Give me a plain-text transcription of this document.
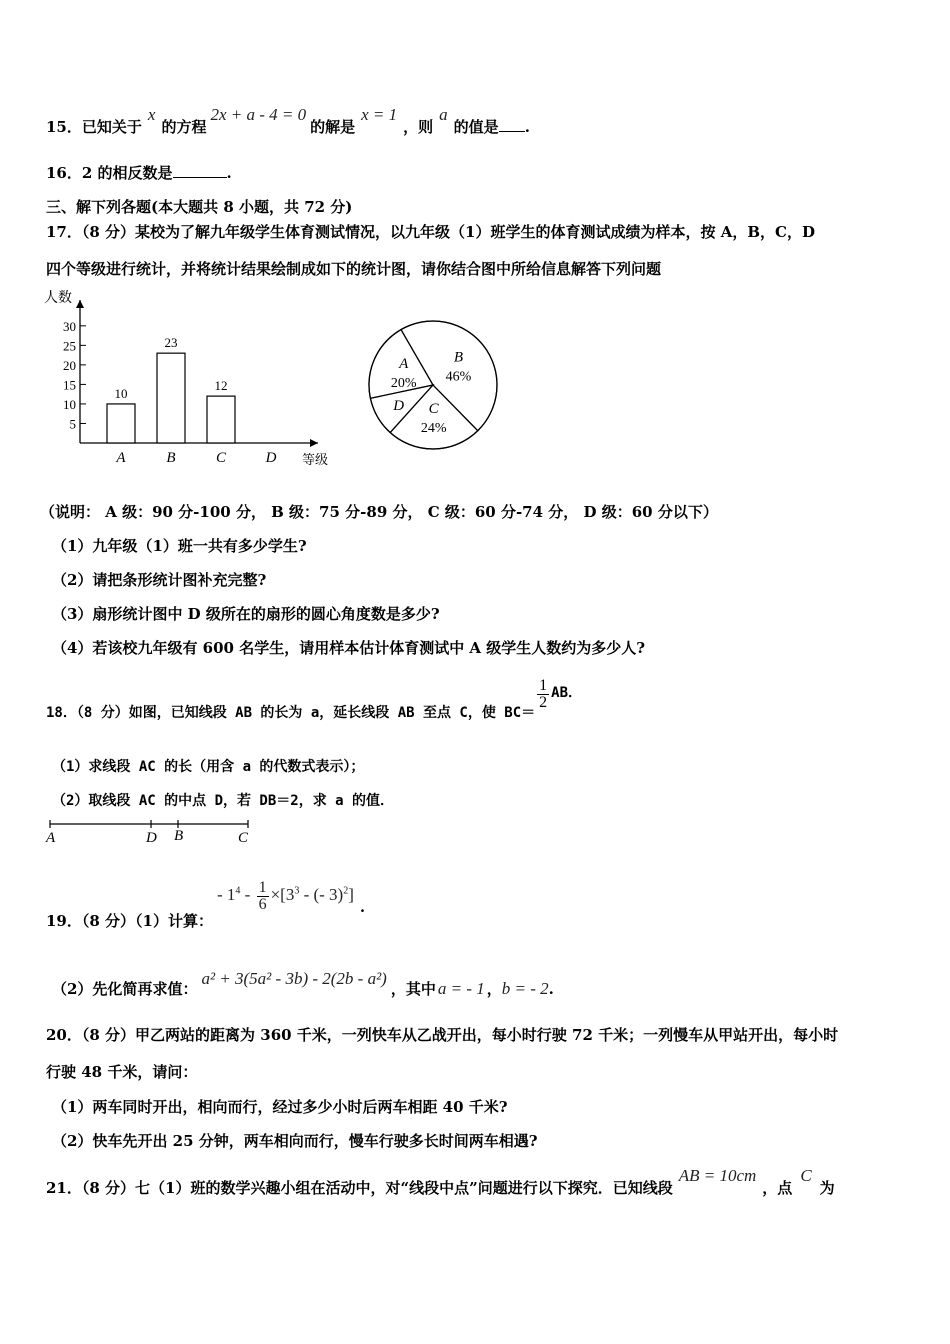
15．已知关于x的方程2x + a - 4 = 0的解是x = 1，则a的值是 .
16．2 的相反数是	.
三、解下列各题(本大题共 8 小题，共 72 分)
17．（8 分）某校为了解九年级学生体育测试情况，以九年级（1）班学生的体育测试成绩为样本，按 A，B，C，D
四个等级进行统计，并将统计结果绘制成如下的统计图，请你结合图中所给信息解答下列问题
5
10
15
20
25
30
人数
等级
10
A
23
B
12
C	D
B
46%
C
24%
D
A
20%
（说明： A 级：90 分-100 分， B 级：75 分-89 分， C 级：60 分-74 分， D 级：60 分以下）
（1）九年级（1）班一共有多少学生?
（2）请把条形统计图补充完整?
（3）扇形统计图中 D 级所在的扇形的圆心角度数是多少?
（4）若该校九年级有 600 名学生，请用样本估计体育测试中 A 级学生人数约为多少人?
18．（8 分）如图，已知线段 AB 的长为 a，延长线段 AB 至点 C，使 BC＝
$\frac{1}{2}$ AB．
（1）求线段 AC 的长（用含 a 的代数式表示）；
（2）取线段 AC 的中点 D，若 DB＝2，求 a 的值．
A	D B	C
19．（8 分）（1）计算：- $1^4 - \frac{1}{6} \times[3^3$ - (- 3)$^2$].
（2）先化简再求值：a² + 3(5a² - 3b) - 2(2b - a²)，其中 a = - 1 ，b = - 2.
20．（8 分）甲乙两站的距离为 360 千米，一列快车从乙战开出，每小时行驶 72 千米；一列慢车从甲站开出，每小时
行驶 48 千米，请问：
（1）两车同时开出，相向而行，经过多少小时后两车相距 40 千米?
（2）快车先开出 25 分钟，两车相向而行，慢车行驶多长时间两车相遇?
21．（8 分）七（1）班的数学兴趣小组在活动中，对“线段中点”问题进行以下探究．已知线段AB = 10cm，点C为
